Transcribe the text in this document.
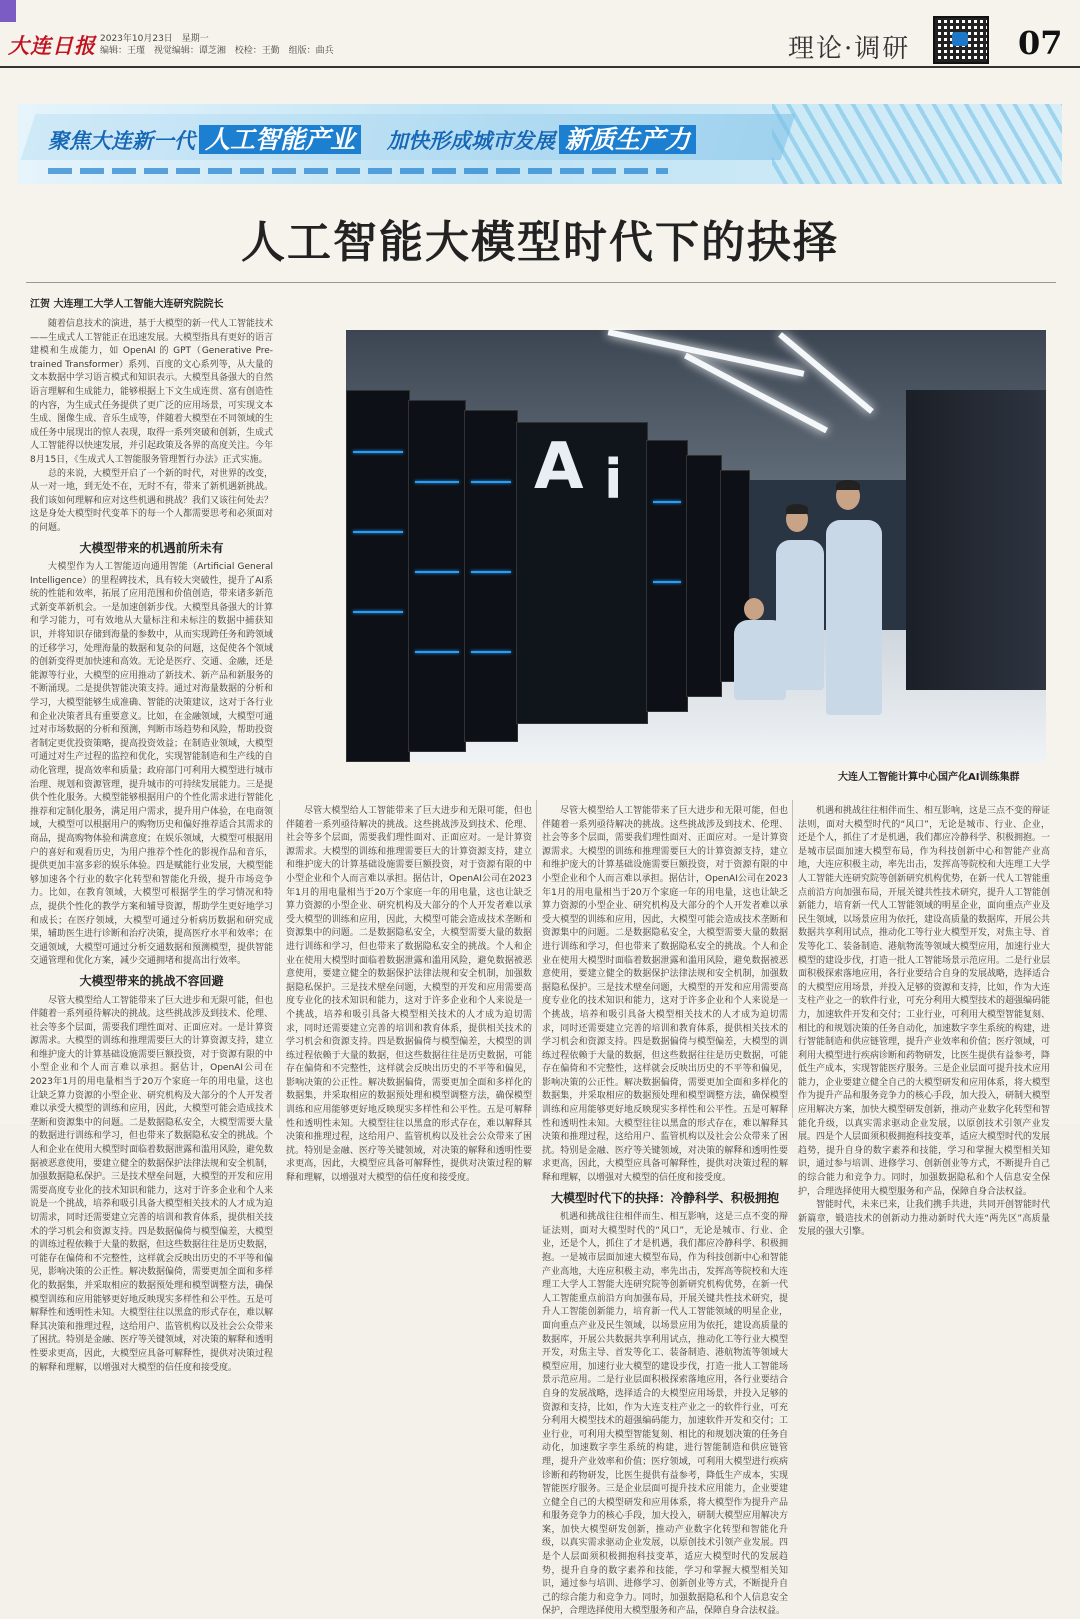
大连日报 2023年10月23日 星期一
编辑：王瑾 视觉编辑：谭芝湘 校检：王勤 组版：曲兵	理论·调研	07
聚焦大连新一代 人工智能产业 加快形成城市发展 新质生产力
人工智能大模型时代下的抉择
江贺 大连理工大学人工智能大连研究院院长

随着信息技术的演进，基于大模型的新一代人工智能技术——生成式人工智能正在迅速发展。大模型指具有更好的语言建模和生成能力，如 OpenAI 的 GPT（Generative Pre-trained Transformer）系列、百度的文心系列等，从大量的文本数据中学习语言模式和知识表示。大模型具备强大的自然语言理解和生成能力，能够根据上下文生成连贯、富有创造性的内容，为生成式任务提供了更广泛的应用场景，可实现文本生成、图像生成、音乐生成等，伴随着大模型在不同领域的生成任务中展现出的惊人表现，取得一系列突破和创新，生成式人工智能得以快速发展，并引起政策及各界的高度关注。今年8月15日，《生成式人工智能服务管理暂行办法》正式实施。

总的来说，大模型开启了一个新的时代，对世界的改变，从一对一地，到无处不在，无时不有，带来了新机遇新挑战。我们该如何理解和应对这些机遇和挑战？我们又该往何处去？这是身处大模型时代变革下的每一个人都需要思考和必须面对的问题。

大模型带来的机遇前所未有

大模型作为人工智能迈向通用智能（Artificial General Intelligence）的里程碑技术，具有较大突破性，提升了AI系统的性能和效率，拓展了应用范围和价值创造，带来诸多新范式新变革新机会。一是加速创新步伐。大模型具备强大的计算和学习能力，可有效地从大量标注和未标注的数据中捕获知识，并将知识存储到海量的参数中，从而实现跨任务和跨领域的迁移学习，处理海量的数据和复杂的问题，这促使各个领域的创新变得更加快速和高效。无论是医疗、交通、金融，还是能源等行业，大模型的应用推动了新技术、新产品和新服务的不断涌现。二是提供智能决策支持。通过对海量数据的分析和学习，大模型能够生成准确、智能的决策建议，这对于各行业和企业决策者具有重要意义。比如，在金融领域，大模型可通过对市场数据的分析和预测，判断市场趋势和风险，帮助投资者制定更优投资策略，提高投资效益；在制造业领域，大模型可通过对生产过程的监控和优化，实现智能制造和生产线的自动化管理，提高效率和质量；政府部门可利用大模型进行城市治理、规划和资源管理，提升城市的可持续发展能力。三是提供个性化服务。大模型能够根据用户的个性化需求进行智能化推荐和定制化服务，满足用户需求，提升用户体验，在电商领域，大模型可以根据用户的购物历史和偏好推荐适合其需求的商品，提高购物体验和满意度；在娱乐领域，大模型可根据用户的喜好和观看历史，为用户推荐个性化的影视作品和音乐，提供更加丰富多彩的娱乐体验。四是赋能行业发展，大模型能够加速各个行业的数字化转型和智能化升级，提升市场竞争力。比如，在教育领域，大模型可根据学生的学习情况和特点，提供个性化的教学方案和辅导资源，帮助学生更好地学习和成长；在医疗领域，大模型可通过分析病历数据和研究成果，辅助医生进行诊断和治疗决策，提高医疗水平和效率；在交通领域，大模型可通过分析交通数据和预测模型，提供智能交通管理和优化方案，减少交通拥堵和提高出行效率。

大模型带来的挑战不容回避

尽管大模型给人工智能带来了巨大进步和无限可能，但也伴随着一系列亟待解决的挑战。这些挑战涉及到技术、伦理、社会等多个层面，需要我们理性面对、正面应对。一是计算资源需求。大模型的训练和推理需要巨大的计算资源支持，建立和维护庞大的计算基础设施需要巨额投资，对于资源有限的中小型企业和个人而言难以承担。据估计，OpenAI公司在2023年1月的用电量相当于20万个家庭一年的用电量，这也让缺乏算力资源的小型企业、研究机构及大部分的个人开发者难以承受大模型的训练和应用，因此，大模型可能会造成技术垄断和资源集中的问题。二是数据隐私安全，大模型需要大量的数据进行训练和学习，但也带来了数据隐私安全的挑战。个人和企业在使用大模型时面临着数据泄露和滥用风险，避免数据被恶意使用，要建立健全的数据保护法律法规和安全机制，加强数据隐私保护。三是技术壁垒问题，大模型的开发和应用需要高度专业化的技术知识和能力，这对于许多企业和个人来说是一个挑战，培养和吸引具备大模型相关技术的人才成为迫切需求，同时还需要建立完善的培训和教育体系，提供相关技术的学习机会和资源支持。四是数据偏倚与模型偏差，大模型的训练过程依赖于大量的数据，但这些数据往往是历史数据，可能存在偏倚和不完整性，这样就会反映出历史的不平等和偏见，影响决策的公正性。解决数据偏倚，需要更加全面和多样化的数据集，并采取相应的数据预处理和模型调整方法，确保模型训练和应用能够更好地反映现实多样性和公平性。五是可解释性和透明性未知。大模型往往以黑盒的形式存在，难以解释其决策和推理过程，这给用户、监管机构以及社会公众带来了困扰。特别是金融、医疗等关键领域，对决策的解释和透明性要求更高，因此，大模型应具备可解释性，提供对决策过程的解释和理解，以增强对大模型的信任度和接受度。

A i
大连人工智能计算中心国产化AI训练集群

尽管大模型给人工智能带来了巨大进步和无限可能，但也伴随着一系列亟待解决的挑战。这些挑战涉及到技术、伦理、社会等多个层面，需要我们理性面对、正面应对。一是计算资源需求。大模型的训练和推理需要巨大的计算资源支持，建立和维护庞大的计算基础设施需要巨额投资，对于资源有限的中小型企业和个人而言难以承担。据估计，OpenAI公司在2023年1月的用电量相当于20万个家庭一年的用电量，这也让缺乏算力资源的小型企业、研究机构及大部分的个人开发者难以承受大模型的训练和应用，因此，大模型可能会造成技术垄断和资源集中的问题。二是数据隐私安全，大模型需要大量的数据进行训练和学习，但也带来了数据隐私安全的挑战。个人和企业在使用大模型时面临着数据泄露和滥用风险，避免数据被恶意使用，要建立健全的数据保护法律法规和安全机制，加强数据隐私保护。三是技术壁垒问题，大模型的开发和应用需要高度专业化的技术知识和能力，这对于许多企业和个人来说是一个挑战，培养和吸引具备大模型相关技术的人才成为迫切需求，同时还需要建立完善的培训和教育体系，提供相关技术的学习机会和资源支持。四是数据偏倚与模型偏差，大模型的训练过程依赖于大量的数据，但这些数据往往是历史数据，可能存在偏倚和不完整性，这样就会反映出历史的不平等和偏见，影响决策的公正性。解决数据偏倚，需要更加全面和多样化的数据集，并采取相应的数据预处理和模型调整方法，确保模型训练和应用能够更好地反映现实多样性和公平性。五是可解释性和透明性未知。大模型往往以黑盒的形式存在，难以解释其决策和推理过程，这给用户、监管机构以及社会公众带来了困扰。特别是金融、医疗等关键领域，对决策的解释和透明性要求更高，因此，大模型应具备可解释性，提供对决策过程的解释和理解，以增强对大模型的信任度和接受度。

尽管大模型给人工智能带来了巨大进步和无限可能，但也伴随着一系列亟待解决的挑战。这些挑战涉及到技术、伦理、社会等多个层面，需要我们理性面对、正面应对。一是计算资源需求。大模型的训练和推理需要巨大的计算资源支持，建立和维护庞大的计算基础设施需要巨额投资，对于资源有限的中小型企业和个人而言难以承担。据估计，OpenAI公司在2023年1月的用电量相当于20万个家庭一年的用电量，这也让缺乏算力资源的小型企业、研究机构及大部分的个人开发者难以承受大模型的训练和应用，因此，大模型可能会造成技术垄断和资源集中的问题。二是数据隐私安全，大模型需要大量的数据进行训练和学习，但也带来了数据隐私安全的挑战。个人和企业在使用大模型时面临着数据泄露和滥用风险，避免数据被恶意使用，要建立健全的数据保护法律法规和安全机制，加强数据隐私保护。三是技术壁垒问题，大模型的开发和应用需要高度专业化的技术知识和能力，这对于许多企业和个人来说是一个挑战，培养和吸引具备大模型相关技术的人才成为迫切需求，同时还需要建立完善的培训和教育体系，提供相关技术的学习机会和资源支持。四是数据偏倚与模型偏差，大模型的训练过程依赖于大量的数据，但这些数据往往是历史数据，可能存在偏倚和不完整性，这样就会反映出历史的不平等和偏见，影响决策的公正性。解决数据偏倚，需要更加全面和多样化的数据集，并采取相应的数据预处理和模型调整方法，确保模型训练和应用能够更好地反映现实多样性和公平性。五是可解释性和透明性未知。大模型往往以黑盒的形式存在，难以解释其决策和推理过程，这给用户、监管机构以及社会公众带来了困扰。特别是金融、医疗等关键领域，对决策的解释和透明性要求更高，因此，大模型应具备可解释性，提供对决策过程的解释和理解，以增强对大模型的信任度和接受度。

大模型时代下的抉择：冷静科学、积极拥抱

机遇和挑战往往相伴而生、相互影响，这是三点不变的辩证法则，面对大模型时代的“风口”，无论是城市、行业、企业，还是个人，抓住了才是机遇，我们都应冷静科学、积极拥抱。一是城市层面加速大模型布局，作为科技创新中心和智能产业高地，大连应积极主动，率先出击，发挥高等院校和大连理工大学人工智能大连研究院等创新研究机构优势，在新一代人工智能重点前沿方向加强布局，开展关键共性技术研究，提升人工智能创新能力，培育新一代人工智能领域的明星企业，面向重点产业及民生领域，以场景应用为依托，建设高质量的数据库，开展公共数据共享利用试点，推动化工等行业大模型开发，对焦主导、首发等化工、装备制造、港航物流等领域大模型应用，加速行业大模型的建设步伐，打造一批人工智能场景示范应用。二是行业层面积极探索落地应用，各行业要结合自身的发展战略，选择适合的大模型应用场景，并投入足够的资源和支持，比如，作为大连支柱产业之一的软件行业，可充分利用大模型技术的超强编码能力，加速软件开发和交付；工业行业，可利用大模型智能复刻、相比的和规划决策的任务自动化，加速数字孪生系统的构建，进行智能制造和供应链管理，提升产业效率和价值；医疗领域，可利用大模型进行疾病诊断和药物研发，比医生提供有益参考，降低生产成本，实现智能医疗服务。三是企业层面可提升技术应用能力，企业要建立健全自己的大模型研发和应用体系，将大模型作为提升产品和服务竞争力的核心手段，加大投入，研制大模型应用解决方案，加快大模型研发创新，推动产业数字化转型和智能化升级，以真实需求驱动企业发展，以原创技术引领产业发展。四是个人层面须积极拥抱科技变革，适应大模型时代的发展趋势，提升自身的数字素养和技能，学习和掌握大模型相关知识，通过参与培训、进修学习、创新创业等方式，不断提升自己的综合能力和竞争力。同时，加强数据隐私和个人信息安全保护，合理选择使用大模型服务和产品，保障自身合法权益。

机遇和挑战往往相伴而生、相互影响，这是三点不变的辩证法则，面对大模型时代的“风口”，无论是城市、行业、企业，还是个人，抓住了才是机遇，我们都应冷静科学、积极拥抱。一是城市层面加速大模型布局，作为科技创新中心和智能产业高地，大连应积极主动，率先出击，发挥高等院校和大连理工大学人工智能大连研究院等创新研究机构优势，在新一代人工智能重点前沿方向加强布局，开展关键共性技术研究，提升人工智能创新能力，培育新一代人工智能领域的明星企业，面向重点产业及民生领域，以场景应用为依托，建设高质量的数据库，开展公共数据共享利用试点，推动化工等行业大模型开发，对焦主导、首发等化工、装备制造、港航物流等领域大模型应用，加速行业大模型的建设步伐，打造一批人工智能场景示范应用。二是行业层面积极探索落地应用，各行业要结合自身的发展战略，选择适合的大模型应用场景，并投入足够的资源和支持，比如，作为大连支柱产业之一的软件行业，可充分利用大模型技术的超强编码能力，加速软件开发和交付；工业行业，可利用大模型智能复刻、相比的和规划决策的任务自动化，加速数字孪生系统的构建，进行智能制造和供应链管理，提升产业效率和价值；医疗领域，可利用大模型进行疾病诊断和药物研发，比医生提供有益参考，降低生产成本，实现智能医疗服务。三是企业层面可提升技术应用能力，企业要建立健全自己的大模型研发和应用体系，将大模型作为提升产品和服务竞争力的核心手段，加大投入，研制大模型应用解决方案，加快大模型研发创新，推动产业数字化转型和智能化升级，以真实需求驱动企业发展，以原创技术引领产业发展。四是个人层面须积极拥抱科技变革，适应大模型时代的发展趋势，提升自身的数字素养和技能，学习和掌握大模型相关知识，通过参与培训、进修学习、创新创业等方式，不断提升自己的综合能力和竞争力。同时，加强数据隐私和个人信息安全保护，合理选择使用大模型服务和产品，保障自身合法权益。

智能时代，未来已来，让我们携手共进，共同开创智能时代新篇章，锻造技术的创新动力推动新时代大连“两先区”高质量发展的强大引擎。
